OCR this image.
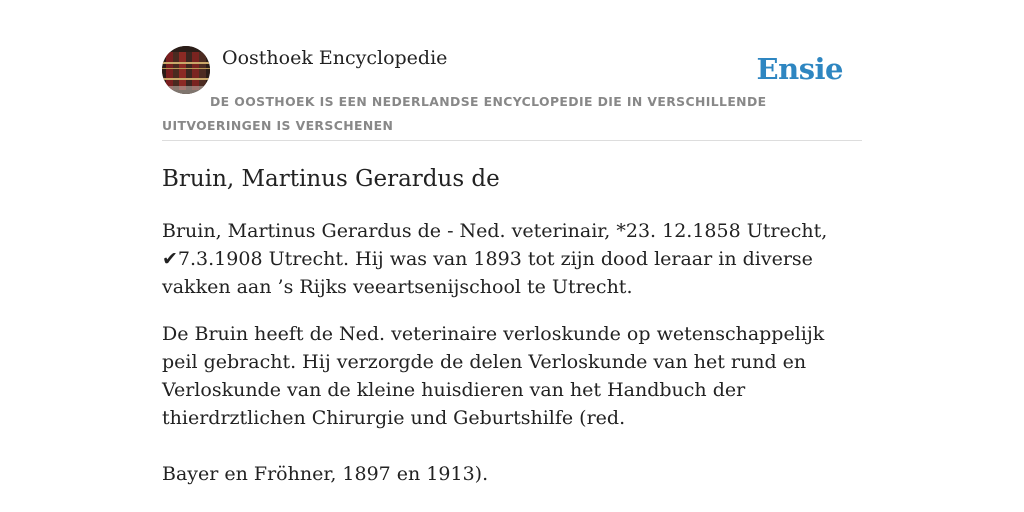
Oosthoek Encyclopedie	Ensie
DE OOSTHOEK IS EEN NEDERLANDSE ENCYCLOPEDIE DIE IN VERSCHILLENDE UITVOERINGEN IS VERSCHENEN
Bruin, Martinus Gerardus de

Bruin, Martinus Gerardus de - Ned. veterinair, *23. 12.1858 Utrecht, ✔7.3.1908 Utrecht. Hij was van 1893 tot zijn dood leraar in diverse vakken aan ’s Rijks veeartsenijschool te Utrecht.

De Bruin heeft de Ned. veterinaire verloskunde op wetenschappelijk peil gebracht. Hij verzorgde de delen Verloskunde van het rund en Verloskunde van de kleine huisdieren van het Handbuch der thierdrztlichen Chirurgie und Geburtshilfe (red.

Bayer en Fröhner, 1897 en 1913).
